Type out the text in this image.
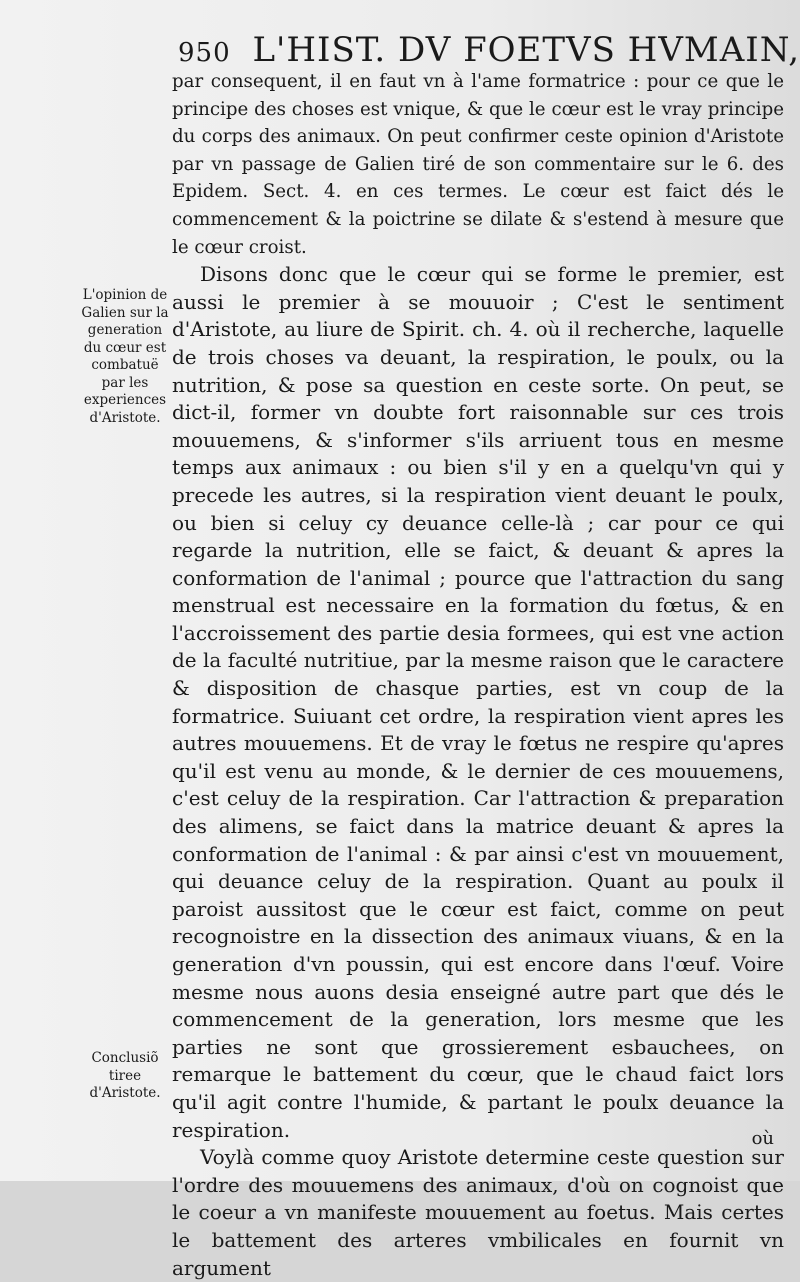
950 L'HIST. DV FOETVS HVMAIN,

par consequent, il en faut vn à l'ame formatrice : pour ce que le principe des choses est vnique, & que le cœur est le vray principe du corps des animaux. On peut confirmer ceste opinion d'Aristote par vn passage de Galien tiré de son commentaire sur le 6. des Epidem. Sect. 4. en ces termes. Le cœur est faict dés le commencement & la poictrine se dilate & s'estend à mesure que le cœur croist.

Disons donc que le cœur qui se forme le premier, est aussi le premier à se mouuoir ; C'est le sentiment d'Aristote, au liure de Spirit. ch. 4. où il recherche, laquelle de trois choses va deuant, la respiration, le poulx, ou la nutrition, & pose sa question en ceste sorte. On peut, se dict-il, former vn doubte fort raisonnable sur ces trois mouuemens, & s'informer s'ils arriuent tous en mesme temps aux animaux : ou bien s'il y en a quelqu'vn qui y precede les autres, si la respiration vient deuant le poulx, ou bien si celuy cy deuance celle-là ; car pour ce qui regarde la nutrition, elle se faict, & deuant & apres la conformation de l'animal ; pource que l'attraction du sang menstrual est necessaire en la formation du fœtus, & en l'accroissement des partie desia formees, qui est vne action de la faculté nutritiue, par la mesme raison que le caractere & disposition de chasque parties, est vn coup de la formatrice. Suiuant cet ordre, la respiration vient apres les autres mouuemens. Et de vray le fœtus ne respire qu'apres qu'il est venu au monde, & le dernier de ces mouuemens, c'est celuy de la respiration. Car l'attraction & preparation des alimens, se faict dans la matrice deuant & apres la conformation de l'animal : & par ainsi c'est vn mouuement, qui deuance celuy de la respiration. Quant au poulx il paroist aussitost que le cœur est faict, comme on peut recognoistre en la dissection des animaux viuans, & en la generation d'vn poussin, qui est encore dans l'œuf. Voire mesme nous auons desia enseigné autre part que dés le commencement de la generation, lors mesme que les parties ne sont que grossierement esbauchees, on remarque le battement du cœur, que le chaud faict lors qu'il agit contre l'humide, & partant le poulx deuance la respiration.

Voylà comme quoy Aristote determine ceste question sur l'ordre des mouuemens des animaux, d'où on cognoist que le coeur a vn manifeste mouuement au foetus. Mais certes le battement des arteres vmbilicales en fournit vn argument

L'opinion de Galien sur la generation du cœur est combatuë par les experiences d'Aristote.
Conclusiõ tiree d'Aristote.
où
